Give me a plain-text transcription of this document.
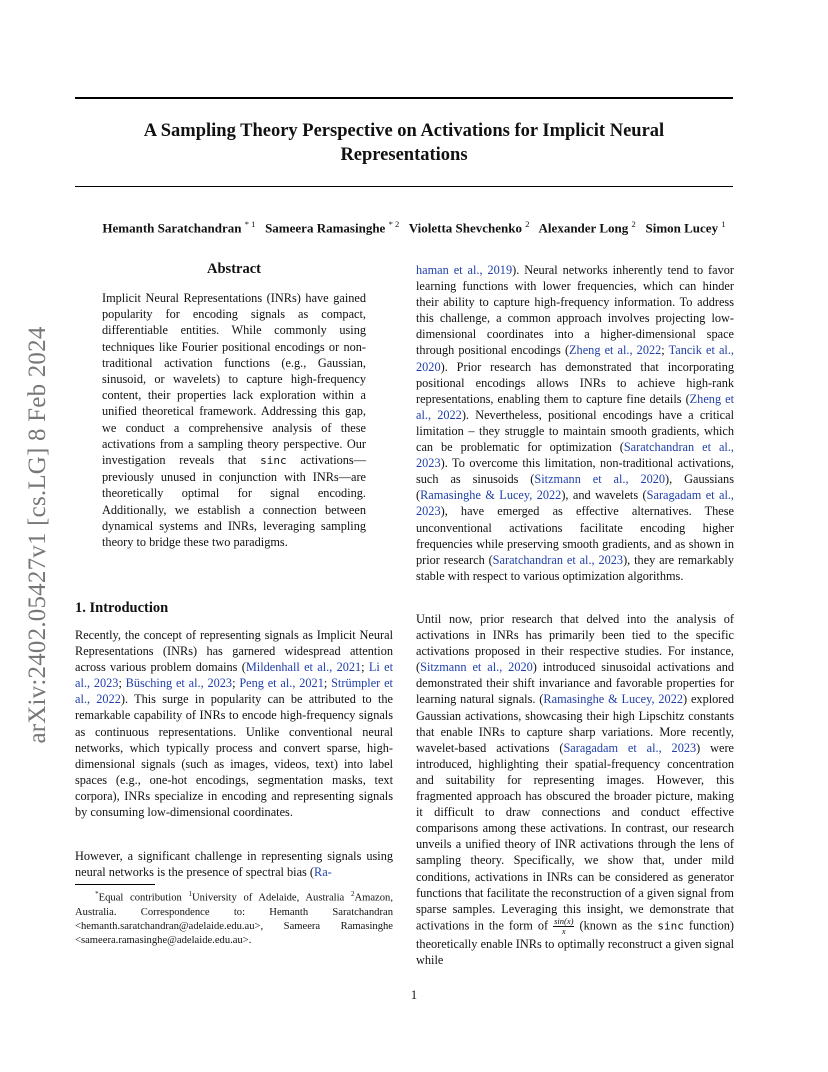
arXiv:2402.05427v1 [cs.LG] 8 Feb 2024
A Sampling Theory Perspective on Activations for Implicit Neural
Representations
Hemanth Saratchandran $^{* 1}$ Sameera Ramasinghe $^{* 2}$ Violetta Shevchenko $^2$ Alexander Long $^2$ Simon Lucey $^1$
Abstract
Implicit Neural Representations (INRs) have gained popularity for encoding signals as compact, differentiable entities. While commonly using techniques like Fourier positional encodings or non-traditional activation functions (e.g., Gaussian, sinusoid, or wavelets) to capture high-frequency content, their properties lack exploration within a unified theoretical framework. Addressing this gap, we conduct a comprehensive analysis of these activations from a sampling theory perspective. Our investigation reveals that sinc activations—previously unused in conjunction with INRs—are theoretically optimal for signal encoding. Additionally, we establish a connection between dynamical systems and INRs, leveraging sampling theory to bridge these two paradigms.
1. Introduction
Recently, the concept of representing signals as Implicit Neural Representations (INRs) has garnered widespread attention across various problem domains (Mildenhall et al., 2021; Li et al., 2023; Büsching et al., 2023; Peng et al., 2021; Strümpler et al., 2022). This surge in popularity can be attributed to the remarkable capability of INRs to encode high-frequency signals as continuous representations. Unlike conventional neural networks, which typically process and convert sparse, high-dimensional signals (such as images, videos, text) into label spaces (e.g., one-hot encodings, segmentation masks, text corpora), INRs specialize in encoding and representing signals by consuming low-dimensional coordinates.
However, a significant challenge in representing signals using neural networks is the presence of spectral bias (Ra-
*Equal contribution $^1$University of Adelaide, Australia $^2$Amazon, Australia. Correspondence to: Hemanth Saratchandran <hemanth.saratchandran@adelaide.edu.au>, Sameera Ramasinghe <sameera.ramasinghe@adelaide.edu.au>.
haman et al., 2019). Neural networks inherently tend to favor learning functions with lower frequencies, which can hinder their ability to capture high-frequency information. To address this challenge, a common approach involves projecting low-dimensional coordinates into a higher-dimensional space through positional encodings (Zheng et al., 2022; Tancik et al., 2020). Prior research has demonstrated that incorporating positional encodings allows INRs to achieve high-rank representations, enabling them to capture fine details (Zheng et al., 2022). Nevertheless, positional encodings have a critical limitation – they struggle to maintain smooth gradients, which can be problematic for optimization (Saratchandran et al., 2023). To overcome this limitation, non-traditional activations, such as sinusoids (Sitzmann et al., 2020), Gaussians (Ramasinghe & Lucey, 2022), and wavelets (Saragadam et al., 2023), have emerged as effective alternatives. These unconventional activations facilitate encoding higher frequencies while preserving smooth gradients, and as shown in prior research (Saratchandran et al., 2023), they are remarkably stable with respect to various optimization algorithms.
Until now, prior research that delved into the analysis of activations in INRs has primarily been tied to the specific activations proposed in their respective studies. For instance, (Sitzmann et al., 2020) introduced sinusoidal activations and demonstrated their shift invariance and favorable properties for learning natural signals. (Ramasinghe & Lucey, 2022) explored Gaussian activations, showcasing their high Lipschitz constants that enable INRs to capture sharp variations. More recently, wavelet-based activations (Saragadam et al., 2023) were introduced, highlighting their spatial-frequency concentration and suitability for representing images. However, this fragmented approach has obscured the broader picture, making it difficult to draw connections and conduct effective comparisons among these activations. In contrast, our research unveils a unified theory of INR activations through the lens of sampling theory. Specifically, we show that, under mild conditions, activations in INRs can be considered as generator functions that facilitate the reconstruction of a given signal from sparse samples. Leveraging this insight, we demonstrate that activations in the form of $\frac{\sin(x)}{x}$ (known as the sinc function) theoretically enable INRs to optimally reconstruct a given signal while
1
